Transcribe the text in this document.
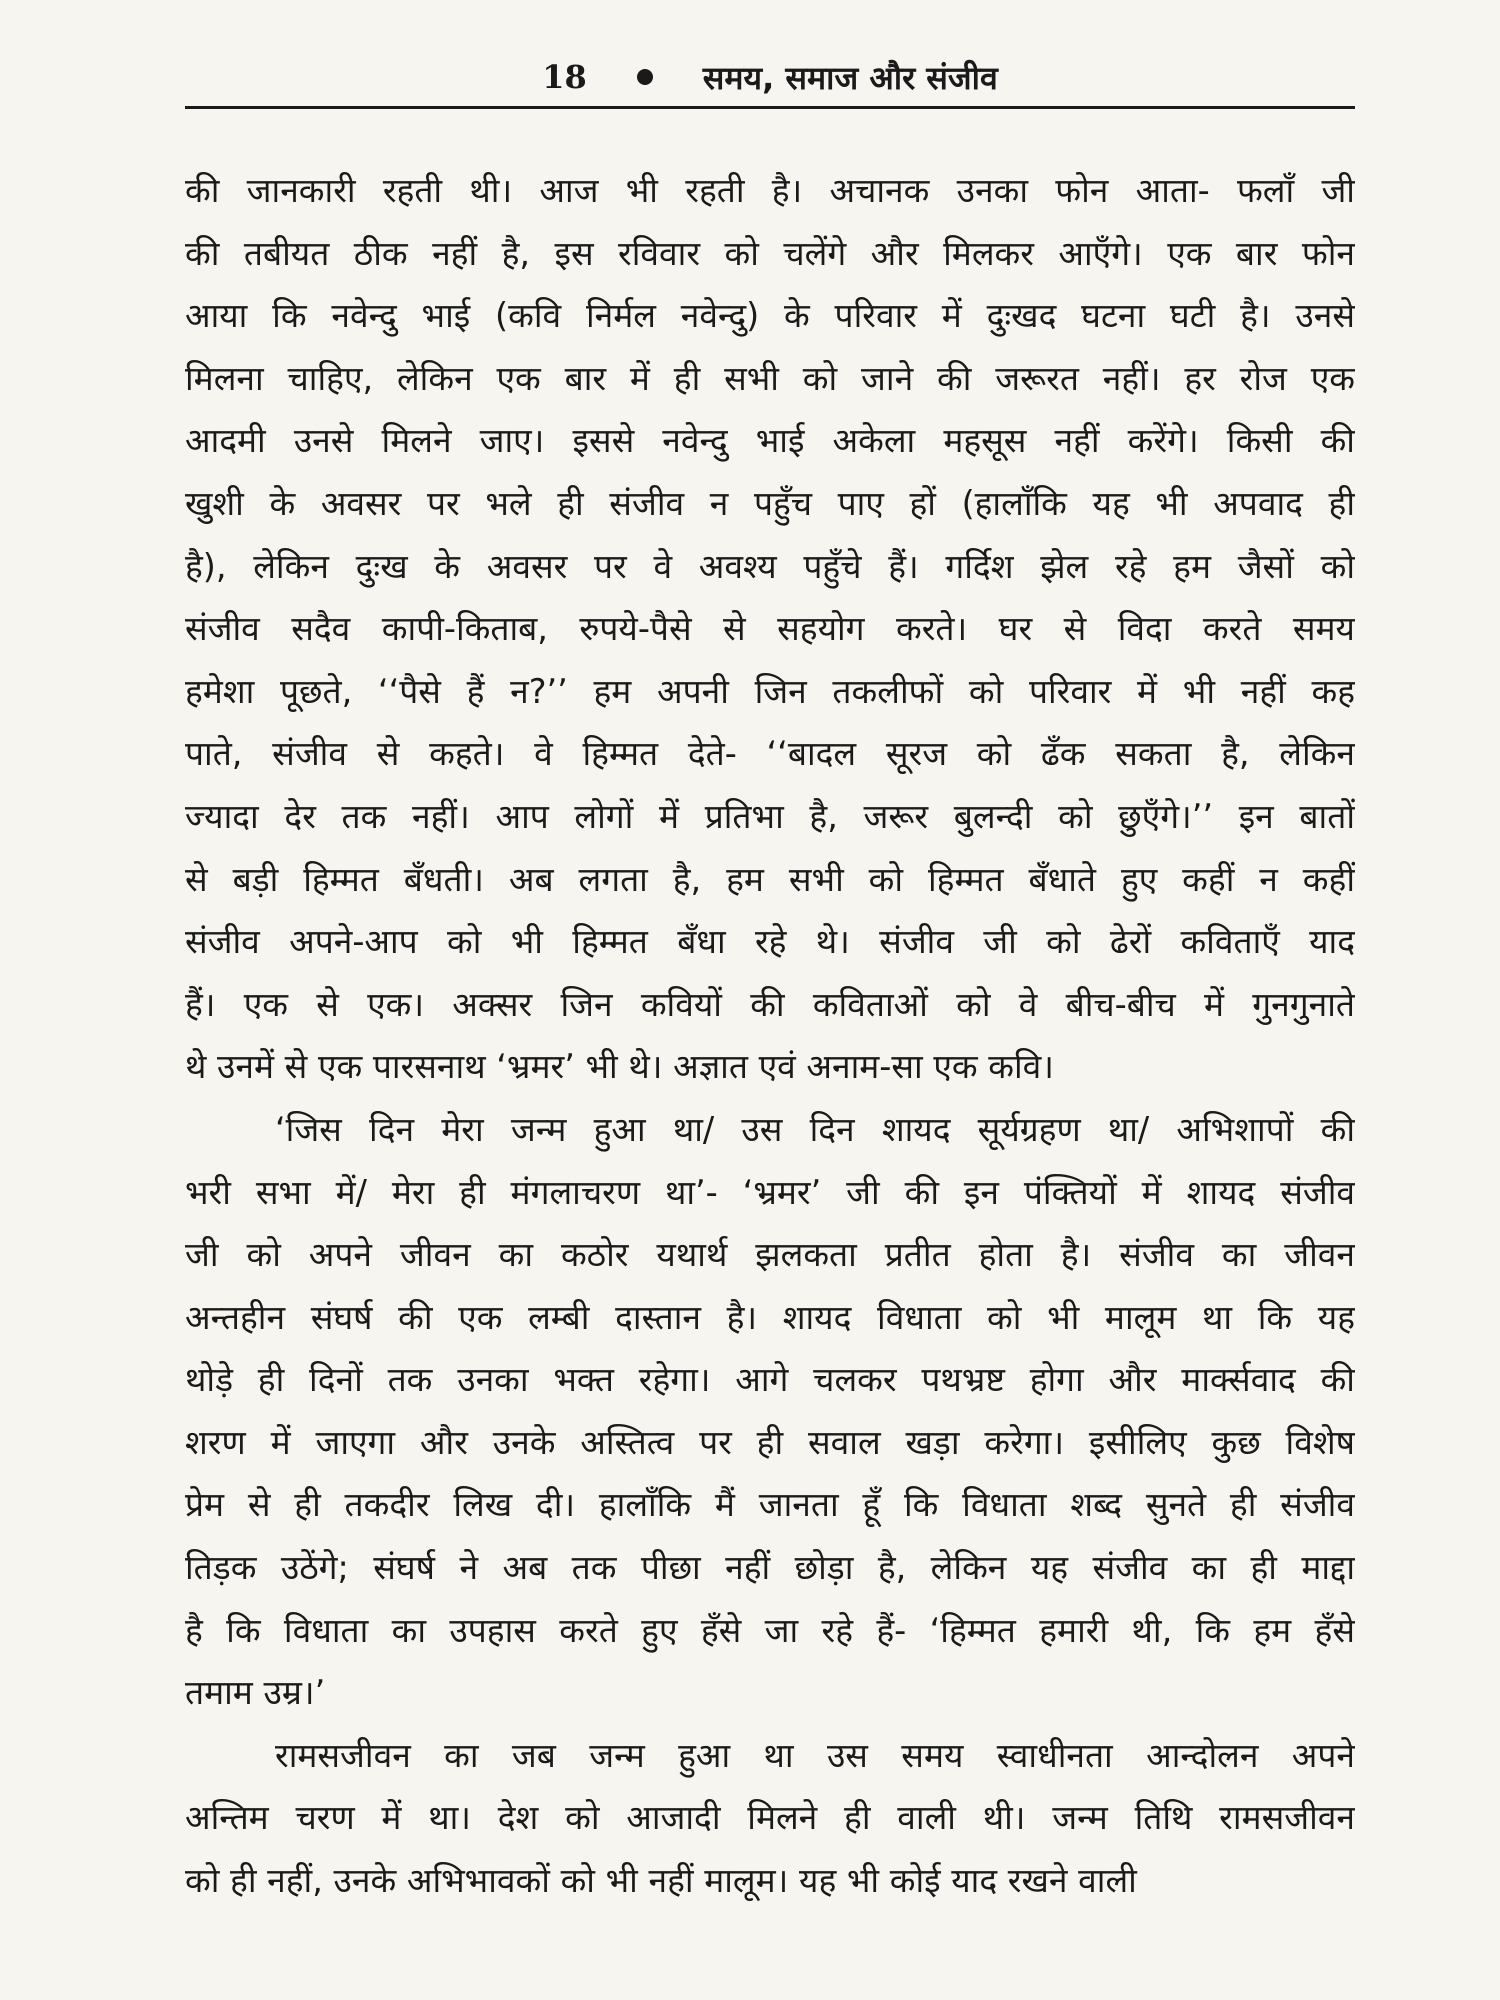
18	समय, समाज और संजीव
की जानकारी रहती थी। आज भी रहती है। अचानक उनका फोन आता- फलाँ जी
की तबीयत ठीक नहीं है, इस रविवार को चलेंगे और मिलकर आएँगे। एक बार फोन
आया कि नवेन्दु भाई (कवि निर्मल नवेन्दु) के परिवार में दुःखद घटना घटी है। उनसे
मिलना चाहिए, लेकिन एक बार में ही सभी को जाने की जरूरत नहीं। हर रोज एक
आदमी उनसे मिलने जाए। इससे नवेन्दु भाई अकेला महसूस नहीं करेंगे। किसी की
खुशी के अवसर पर भले ही संजीव न पहुँच पाए हों (हालाँकि यह भी अपवाद ही
है), लेकिन दुःख के अवसर पर वे अवश्य पहुँचे हैं। गर्दिश झेल रहे हम जैसों को
संजीव सदैव कापी-किताब, रुपये-पैसे से सहयोग करते। घर से विदा करते समय
हमेशा पूछते, ‘‘पैसे हैं न?’’ हम अपनी जिन तकलीफों को परिवार में भी नहीं कह
पाते, संजीव से कहते। वे हिम्मत देते- ‘‘बादल सूरज को ढँक सकता है, लेकिन
ज्यादा देर तक नहीं। आप लोगों में प्रतिभा है, जरूर बुलन्दी को छुएँगे।’’ इन बातों
से बड़ी हिम्मत बँधती। अब लगता है, हम सभी को हिम्मत बँधाते हुए कहीं न कहीं
संजीव अपने-आप को भी हिम्मत बँधा रहे थे। संजीव जी को ढेरों कविताएँ याद
हैं। एक से एक। अक्सर जिन कवियों की कविताओं को वे बीच-बीच में गुनगुनाते
थे उनमें से एक पारसनाथ ‘भ्रमर’ भी थे। अज्ञात एवं अनाम-सा एक कवि।
‘जिस दिन मेरा जन्म हुआ था/ उस दिन शायद सूर्यग्रहण था/ अभिशापों की
भरी सभा में/ मेरा ही मंगलाचरण था’- ‘भ्रमर’ जी की इन पंक्तियों में शायद संजीव
जी को अपने जीवन का कठोर यथार्थ झलकता प्रतीत होता है। संजीव का जीवन
अन्तहीन संघर्ष की एक लम्बी दास्तान है। शायद विधाता को भी मालूम था कि यह
थोड़े ही दिनों तक उनका भक्त रहेगा। आगे चलकर पथभ्रष्ट होगा और मार्क्सवाद की
शरण में जाएगा और उनके अस्तित्व पर ही सवाल खड़ा करेगा। इसीलिए कुछ विशेष
प्रेम से ही तकदीर लिख दी। हालाँकि मैं जानता हूँ कि विधाता शब्द सुनते ही संजीव
तिड़क उठेंगे; संघर्ष ने अब तक पीछा नहीं छोड़ा है, लेकिन यह संजीव का ही माद्दा
है कि विधाता का उपहास करते हुए हँसे जा रहे हैं- ‘हिम्मत हमारी थी, कि हम हँसे
तमाम उम्र।’
रामसजीवन का जब जन्म हुआ था उस समय स्वाधीनता आन्दोलन अपने
अन्तिम चरण में था। देश को आजादी मिलने ही वाली थी। जन्म तिथि रामसजीवन
को ही नहीं, उनके अभिभावकों को भी नहीं मालूम। यह भी कोई याद रखने वाली
